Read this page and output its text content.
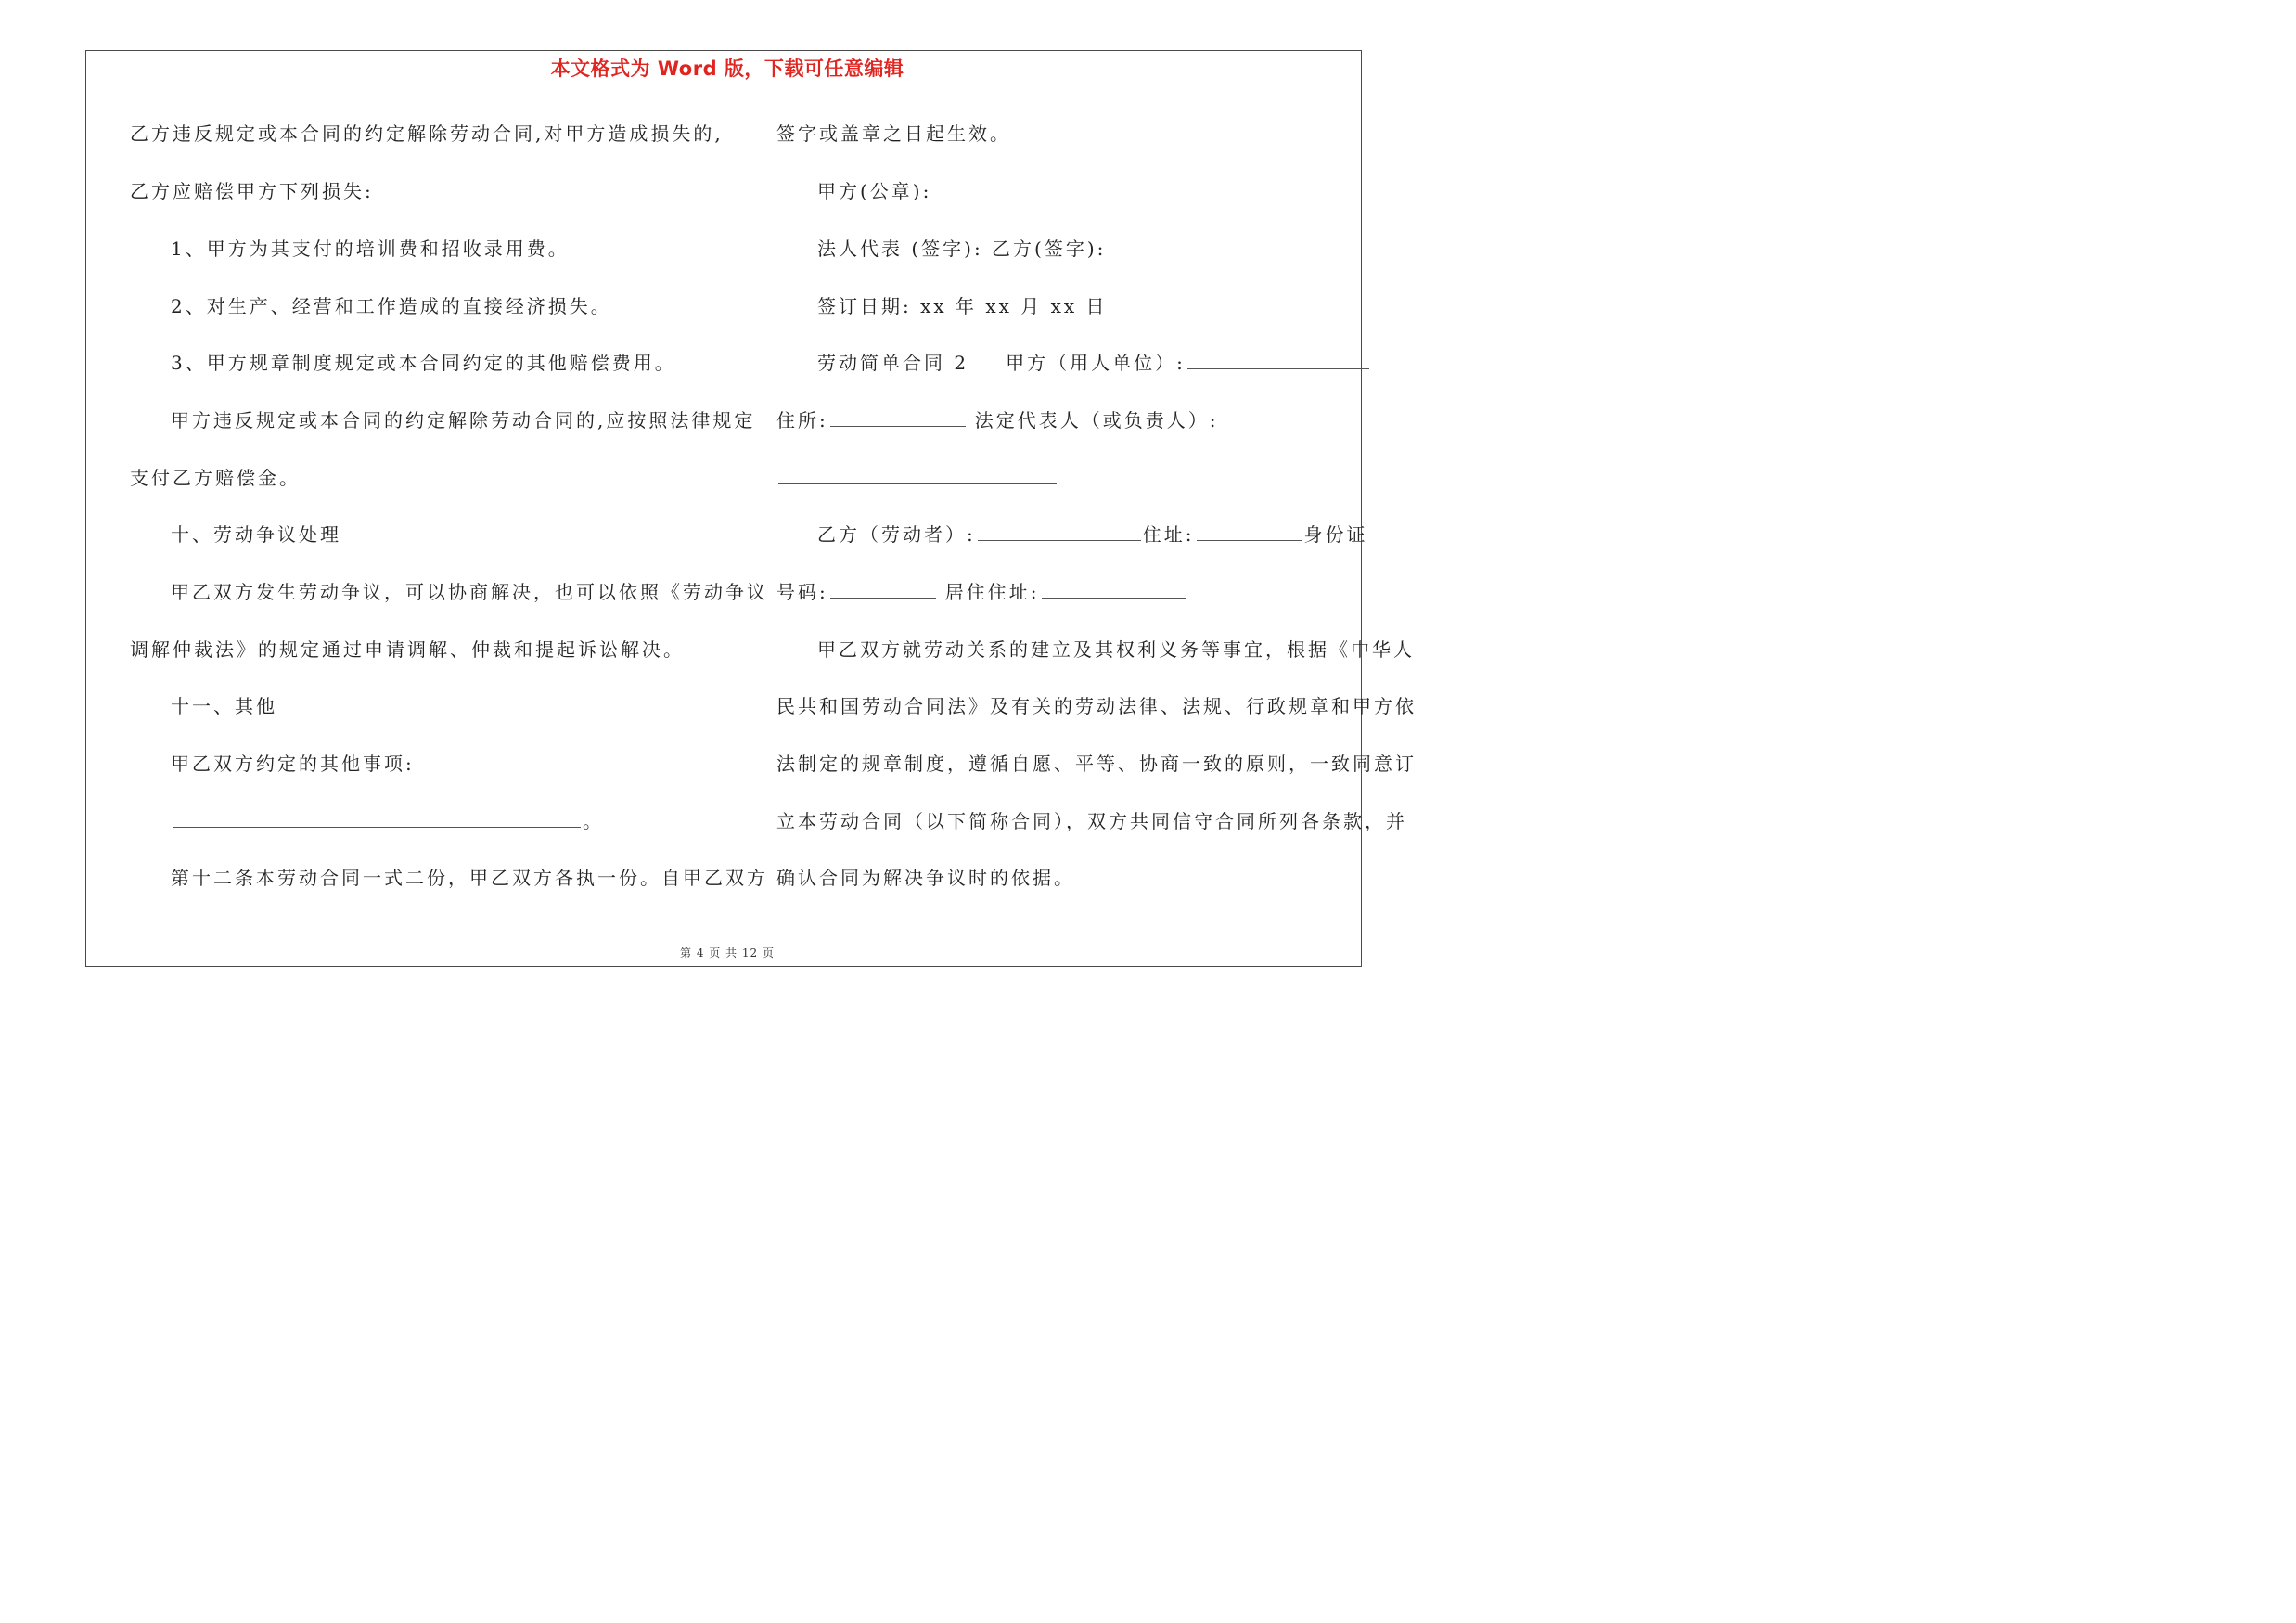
本文格式为 Word 版，下载可任意编辑
乙方违反规定或本合同的约定解除劳动合同,对甲方造成损失的,
乙方应赔偿甲方下列损失:
1、甲方为其支付的培训费和招收录用费。
2、对生产、经营和工作造成的直接经济损失。
3、甲方规章制度规定或本合同约定的其他赔偿费用。
甲方违反规定或本合同的约定解除劳动合同的,应按照法律规定
支付乙方赔偿金。
十、劳动争议处理
甲乙双方发生劳动争议，可以协商解决，也可以依照《劳动争议
调解仲裁法》的规定通过申请调解、仲裁和提起诉讼解决。
十一、其他
甲乙双方约定的其他事项:
。
第十二条本劳动合同一式二份，甲乙双方各执一份。自甲乙双方
签字或盖章之日起生效。
甲方(公章):
法人代表 (签字): 乙方(签字):
签订日期: xx 年 xx 月 xx 日
劳动简单合同 2 甲方（用人单位）:
住所:	法定代表人（或负责人）:
乙方（劳动者）:	住址:	身份证
号码:	居住住址:
甲乙双方就劳动关系的建立及其权利义务等事宜，根据《中华人
民共和国劳动合同法》及有关的劳动法律、法规、行政规章和甲方依
法制定的规章制度，遵循自愿、平等、协商一致的原则，一致同意订
立本劳动合同（以下简称合同），双方共同信守合同所列各条款，并
确认合同为解决争议时的依据。
第 4 页 共 12 页
